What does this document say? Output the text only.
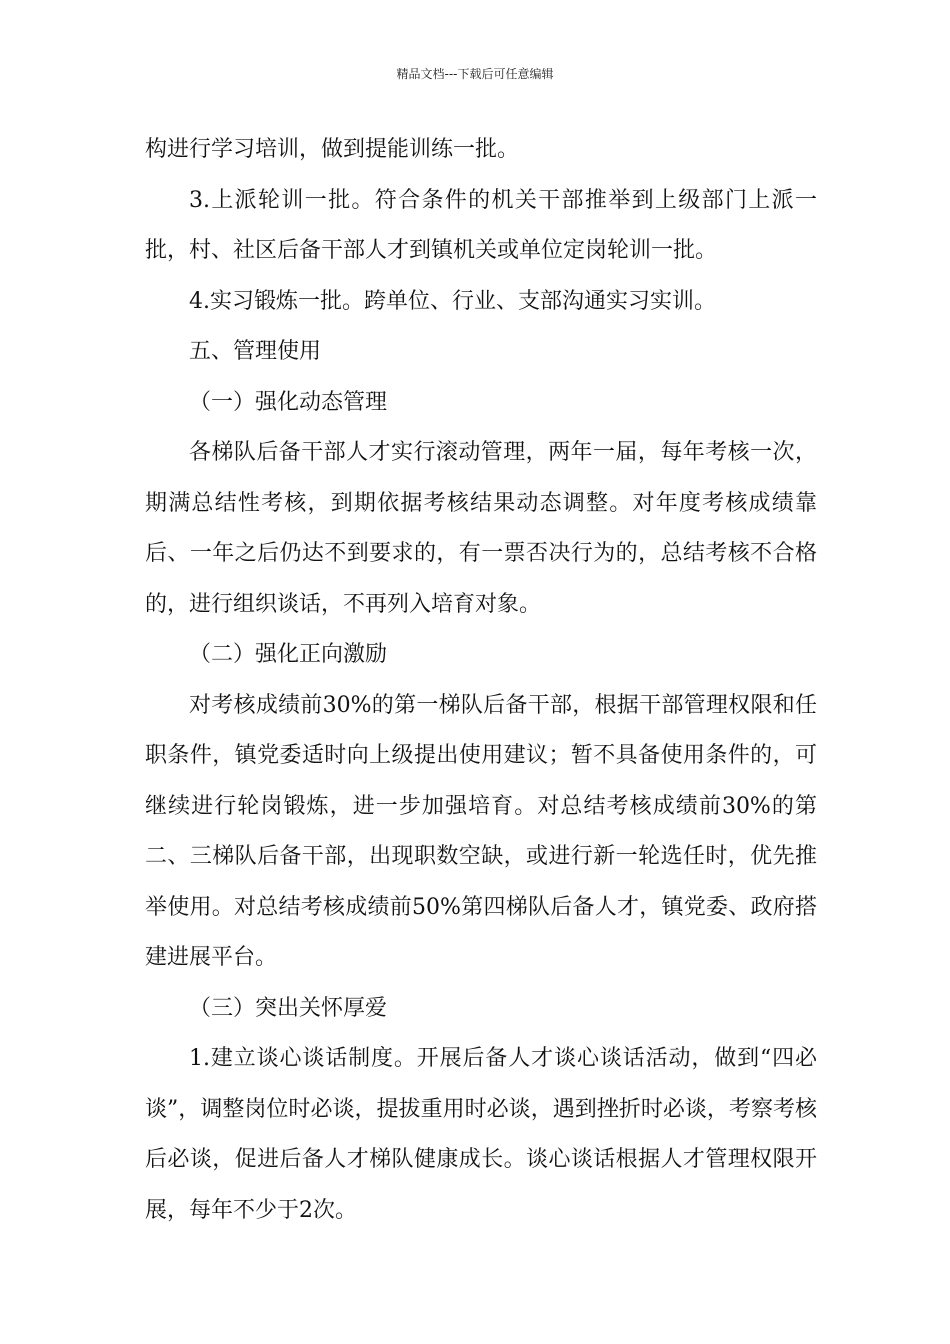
精品文档---下载后可任意编辑

构进行学习培训，做到提能训练一批。

3.上派轮训一批。符合条件的机关干部推举到上级部门上派一批，村、社区后备干部人才到镇机关或单位定岗轮训一批。

4.实习锻炼一批。跨单位、行业、支部沟通实习实训。

五、管理使用

（一）强化动态管理

各梯队后备干部人才实行滚动管理，两年一届，每年考核一次，期满总结性考核，到期依据考核结果动态调整。对年度考核成绩靠后、一年之后仍达不到要求的，有一票否决行为的，总结考核不合格的，进行组织谈话，不再列入培育对象。

（二）强化正向激励

对考核成绩前30%的第一梯队后备干部，根据干部管理权限和任职条件，镇党委适时向上级提出使用建议；暂不具备使用条件的，可继续进行轮岗锻炼，进一步加强培育。对总结考核成绩前30%的第二、三梯队后备干部，出现职数空缺，或进行新一轮选任时，优先推举使用。对总结考核成绩前50%第四梯队后备人才，镇党委、政府搭建进展平台。

（三）突出关怀厚爱

1.建立谈心谈话制度。开展后备人才谈心谈话活动，做到“四必谈”，调整岗位时必谈，提拔重用时必谈，遇到挫折时必谈，考察考核后必谈，促进后备人才梯队健康成长。谈心谈话根据人才管理权限开展，每年不少于2次。
